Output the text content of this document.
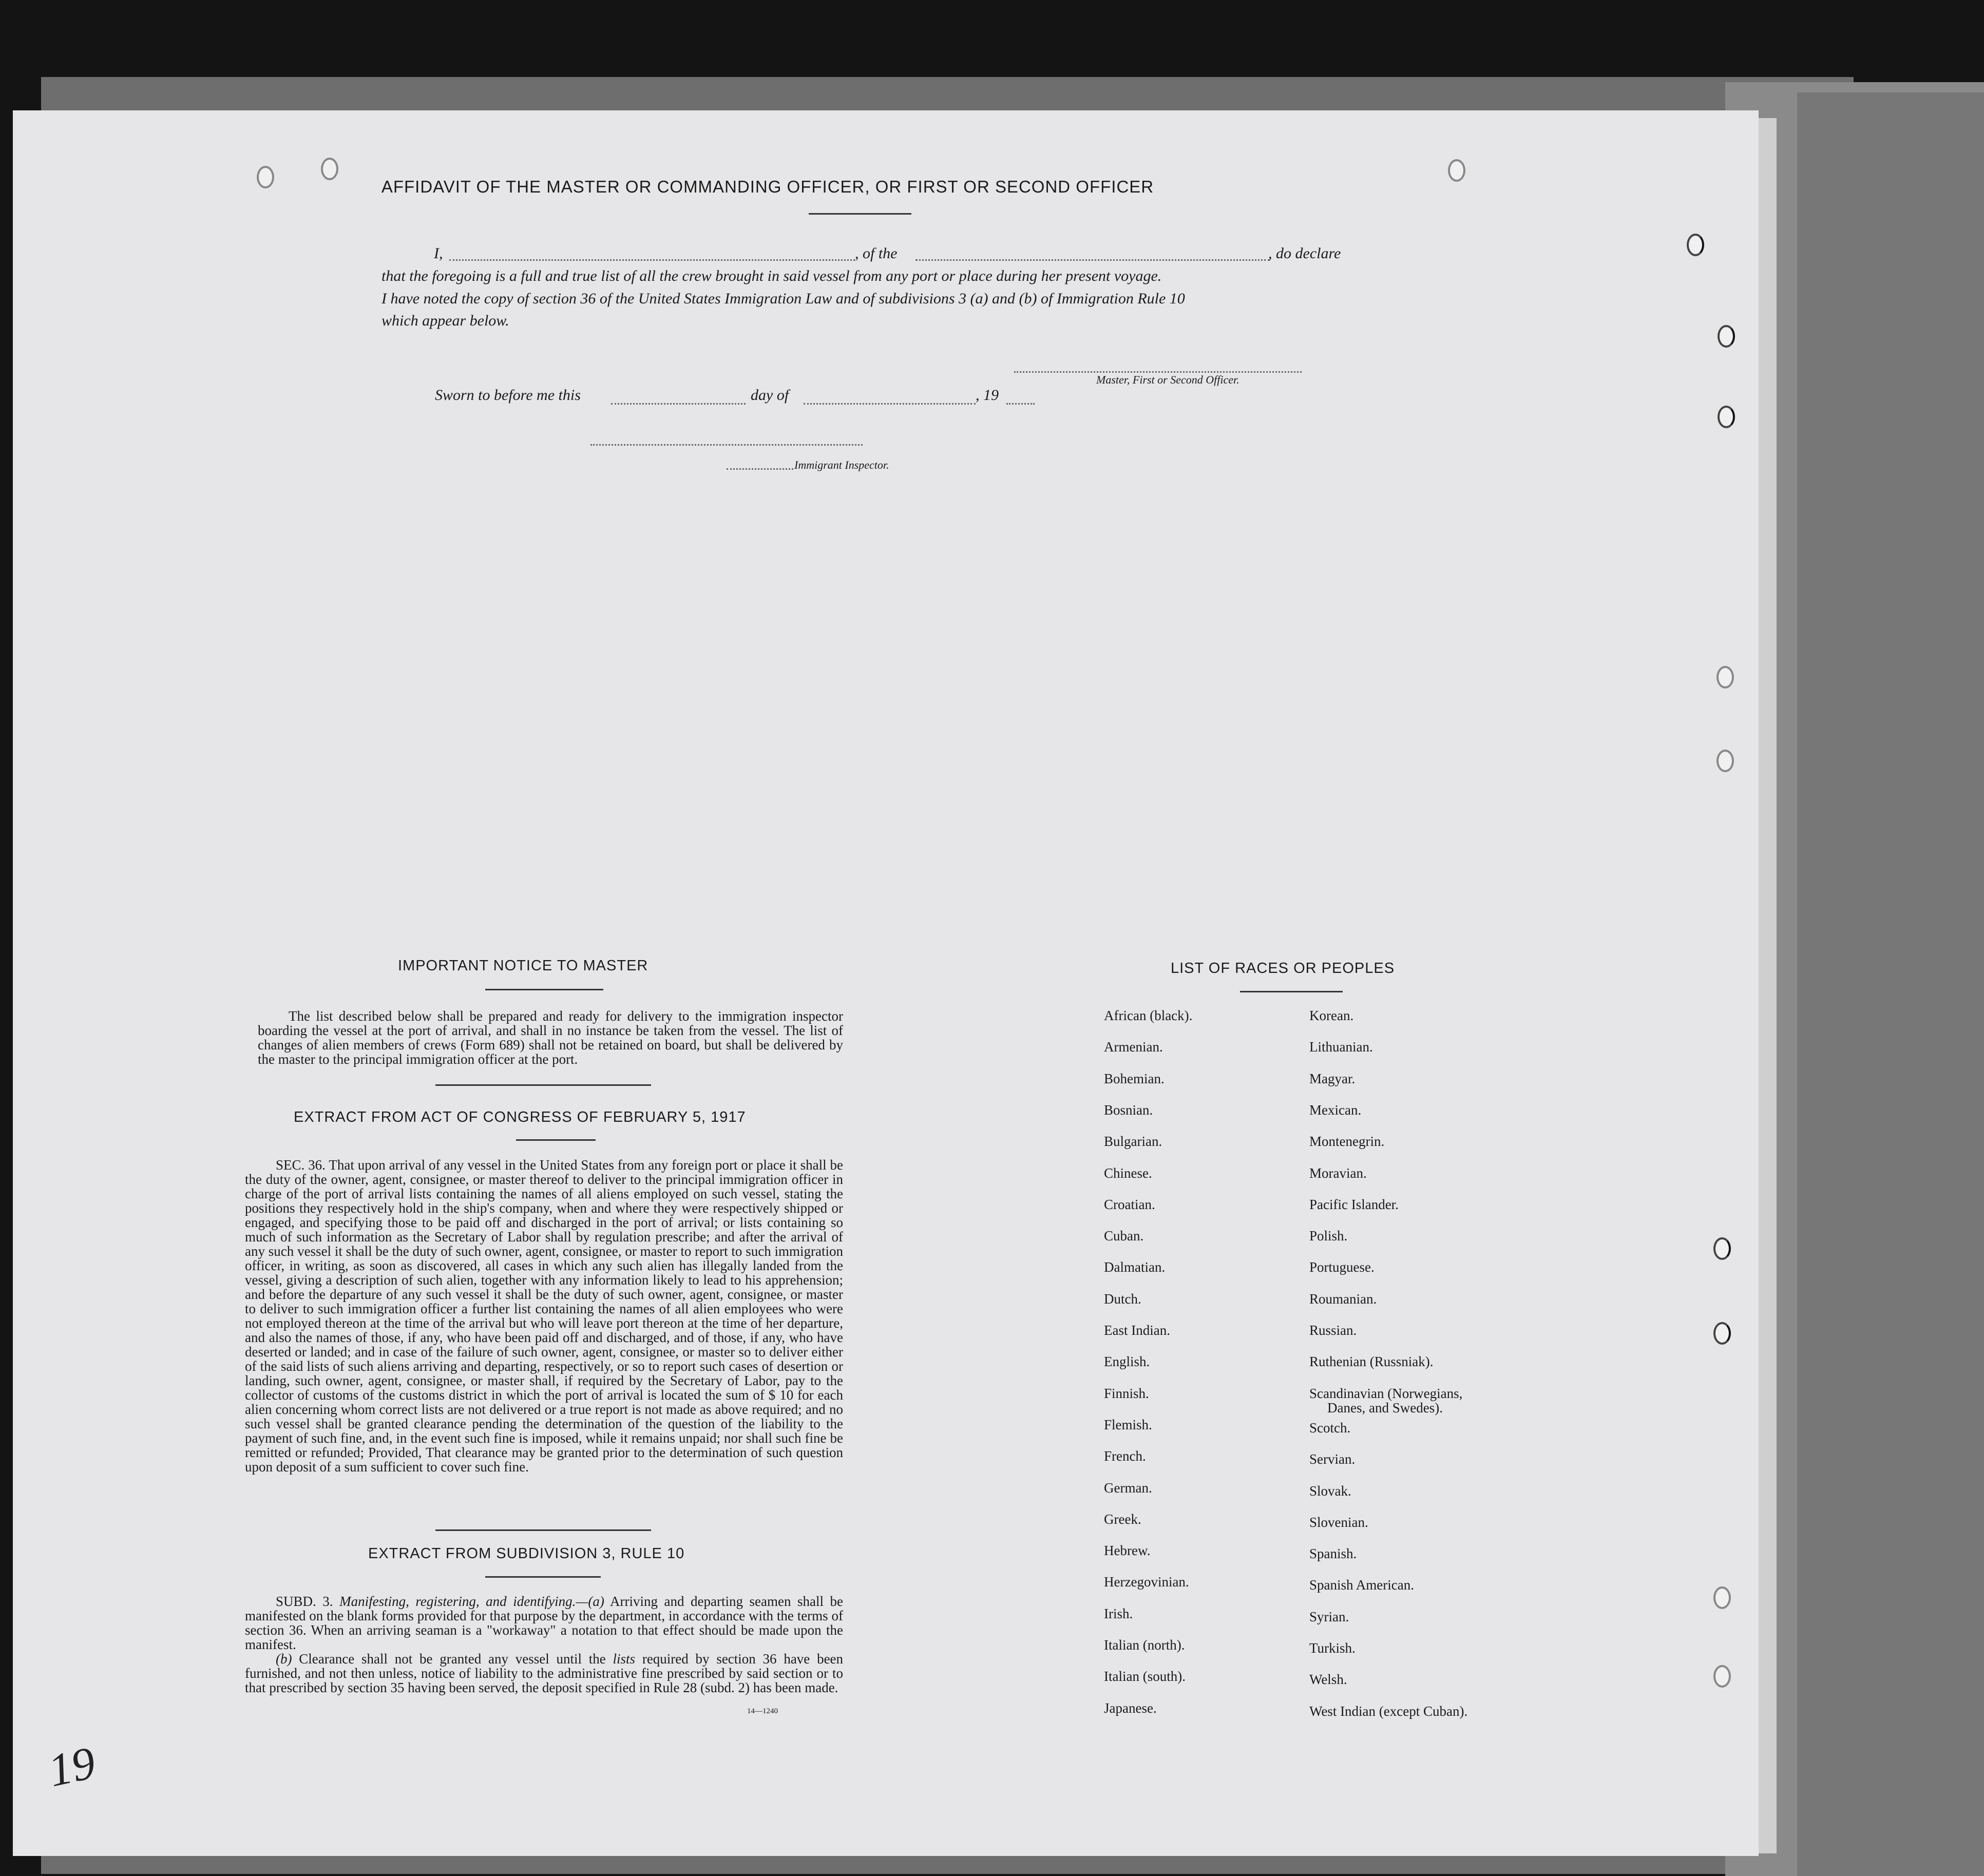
AFFIDAVIT OF THE MASTER OR COMMANDING OFFICER, OR FIRST OR SECOND OFFICER
I,	, of the	, do declare
that the foregoing is a full and true list of all the crew brought in said vessel from any port or place during her present voyage.
I have noted the copy of section 36 of the United States Immigration Law and of subdivisions 3 (a) and (b) of Immigration Rule 10
which appear below.
Master, First or Second Officer.
Sworn to before me this	day of	, 19
Immigrant Inspector.
IMPORTANT NOTICE TO MASTER
The list described below shall be prepared and ready for delivery to the immigration inspector boarding the vessel at the port of arrival, and shall in no instance be taken from the vessel. The list of changes of alien members of crews (Form 689) shall not be retained on board, but shall be delivered by the master to the principal immigration officer at the port.
EXTRACT FROM ACT OF CONGRESS OF FEBRUARY 5, 1917
SEC. 36. That upon arrival of any vessel in the United States from any foreign port or place it shall be the duty of the owner, agent, consignee, or master thereof to deliver to the principal immigration officer in charge of the port of arrival lists containing the names of all aliens employed on such vessel, stating the positions they respectively hold in the ship's company, when and where they were respectively shipped or engaged, and specifying those to be paid off and discharged in the port of arrival; or lists containing so much of such information as the Secretary of Labor shall by regulation prescribe; and after the arrival of any such vessel it shall be the duty of such owner, agent, consignee, or master to report to such immigration officer, in writing, as soon as discovered, all cases in which any such alien has illegally landed from the vessel, giving a description of such alien, together with any information likely to lead to his apprehension; and before the departure of any such vessel it shall be the duty of such owner, agent, consignee, or master to deliver to such immigration officer a further list containing the names of all alien employees who were not employed thereon at the time of the arrival but who will leave port thereon at the time of her departure, and also the names of those, if any, who have been paid off and discharged, and of those, if any, who have deserted or landed; and in case of the failure of such owner, agent, consignee, or master so to deliver either of the said lists of such aliens arriving and departing, respectively, or so to report such cases of desertion or landing, such owner, agent, consignee, or master shall, if required by the Secretary of Labor, pay to the collector of customs of the customs district in which the port of arrival is located the sum of $ 10 for each alien concerning whom correct lists are not delivered or a true report is not made as above required; and no such vessel shall be granted clearance pending the determination of the question of the liability to the payment of such fine, and, in the event such fine is imposed, while it remains unpaid; nor shall such fine be remitted or refunded; Provided, That clearance may be granted prior to the determination of such question upon deposit of a sum sufficient to cover such fine.
EXTRACT FROM SUBDIVISION 3, RULE 10
SUBD. 3. Manifesting, registering, and identifying.—(a) Arriving and departing seamen shall be manifested on the blank forms provided for that purpose by the department, in accordance with the terms of section 36. When an arriving seaman is a "workaway" a notation to that effect should be made upon the manifest.
(b) Clearance shall not be granted any vessel until the lists required by section 36 have been furnished, and not then unless, notice of liability to the administrative fine prescribed by said section or to that prescribed by section 35 having been served, the deposit specified in Rule 28 (subd. 2) has been made.
14—1240
LIST OF RACES OR PEOPLES
African (black).
Armenian.
Bohemian.
Bosnian.
Bulgarian.
Chinese.
Croatian.
Cuban.
Dalmatian.
Dutch.
East Indian.
English.
Finnish.
Flemish.
French.
German.
Greek.
Hebrew.
Herzegovinian.
Irish.
Italian (north).
Italian (south).
Japanese.
Korean.
Lithuanian.
Magyar.
Mexican.
Montenegrin.
Moravian.
Pacific Islander.
Polish.
Portuguese.
Roumanian.
Russian.
Ruthenian (Russniak).
Scandinavian (Norwegians,
Danes, and Swedes).
Scotch.
Servian.
Slovak.
Slovenian.
Spanish.
Spanish American.
Syrian.
Turkish.
Welsh.
West Indian (except Cuban).
19
